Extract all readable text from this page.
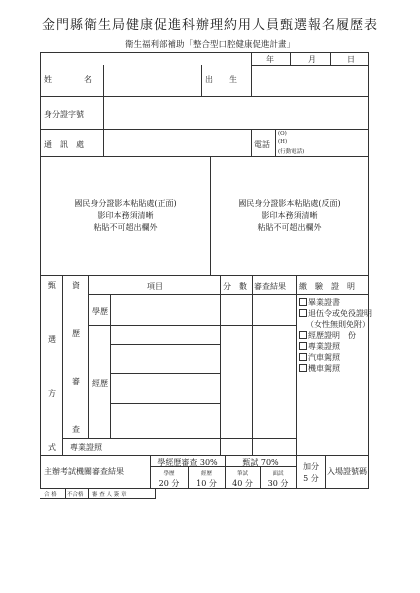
金門縣衛生局健康促進科辦理約用人員甄選報名履歷表
衛生福利部補助「整合型口腔健康促進計畫」
年	月	日
姓　　　　名	出　　生
身分證字號
通　訊　處	電話
(O)
(H)
(行動電話)
國民身分證影本粘貼處(正面)
影印本務須清晰
粘貼不可超出欄外
國民身分證影本粘貼處(反面)
影印本務須清晰
粘貼不可超出欄外
甄
選
方
式
資
歷
審
查
項目	分　數 審查結果 繳　驗　證　明
學歷
經歷
專業證照
畢業證書
退伍令或免役證明
（女性無則免附）
經歷證明　份
專業證照
汽車駕照
機車駕照
主辦考試機關審查結果
學經歷審查 30%	甄試 70%
學歷
20 分
經歷
10 分
筆試
40 分
面試
30 分
加分
5 分
入場證號碼
合 格 不合格 審 查 人 簽 章
